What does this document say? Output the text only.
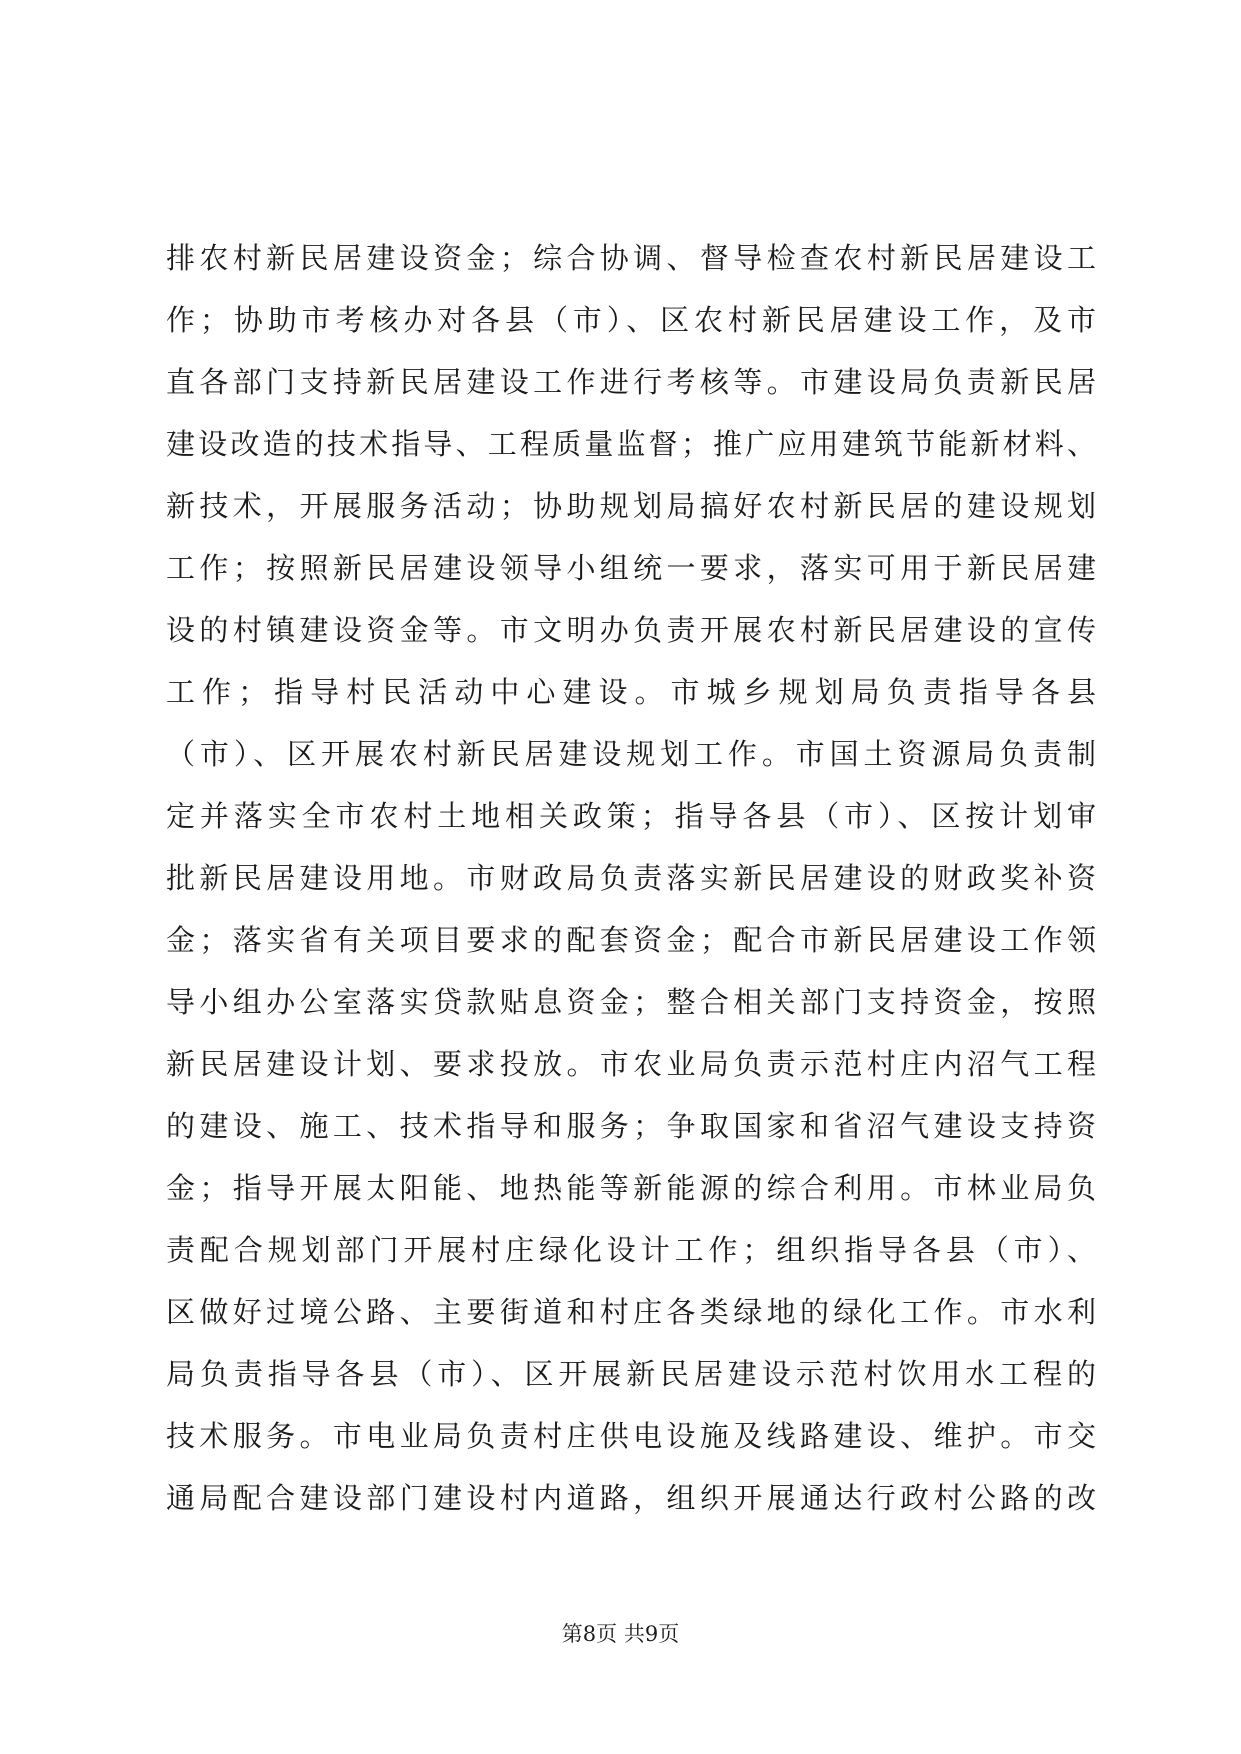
排农村新民居建设资金；综合协调、督导检查农村新民居建设工
作；协助市考核办对各县（市）、区农村新民居建设工作，及市
直各部门支持新民居建设工作进行考核等。市建设局负责新民居
建设改造的技术指导、工程质量监督；推广应用建筑节能新材料、
新技术，开展服务活动；协助规划局搞好农村新民居的建设规划
工作；按照新民居建设领导小组统一要求，落实可用于新民居建
设的村镇建设资金等。市文明办负责开展农村新民居建设的宣传
工作；指导村民活动中心建设。市城乡规划局负责指导各县
（市）、区开展农村新民居建设规划工作。市国土资源局负责制
定并落实全市农村土地相关政策；指导各县（市）、区按计划审
批新民居建设用地。市财政局负责落实新民居建设的财政奖补资
金；落实省有关项目要求的配套资金；配合市新民居建设工作领
导小组办公室落实贷款贴息资金；整合相关部门支持资金，按照
新民居建设计划、要求投放。市农业局负责示范村庄内沼气工程
的建设、施工、技术指导和服务；争取国家和省沼气建设支持资
金；指导开展太阳能、地热能等新能源的综合利用。市林业局负
责配合规划部门开展村庄绿化设计工作；组织指导各县（市）、
区做好过境公路、主要街道和村庄各类绿地的绿化工作。市水利
局负责指导各县（市）、区开展新民居建设示范村饮用水工程的
技术服务。市电业局负责村庄供电设施及线路建设、维护。市交
通局配合建设部门建设村内道路，组织开展通达行政村公路的改
第8页 共9页
